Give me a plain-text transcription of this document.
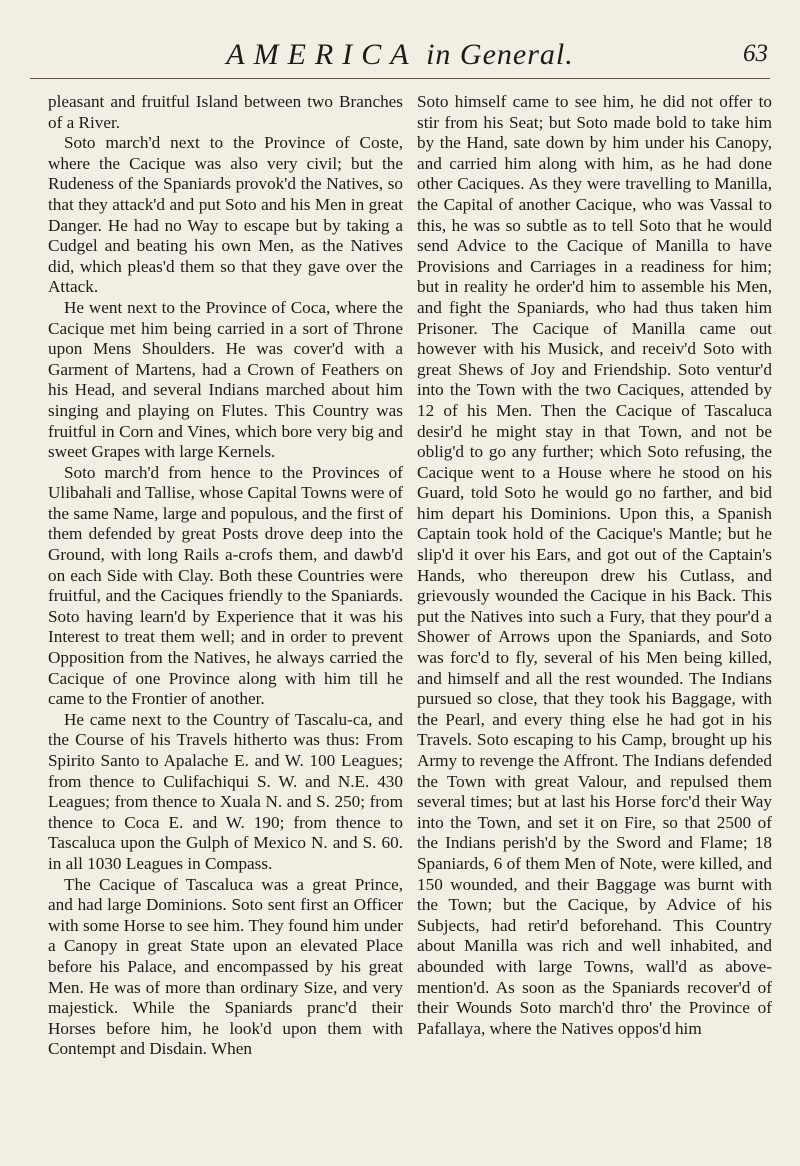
AMERICA in General.	63

pleasant and fruitful Island between two Branches of a River.

Soto march'd next to the Province of Coste, where the Cacique was also very civil; but the Rudeness of the Spaniards provok'd the Natives, so that they attack'd and put Soto and his Men in great Danger. He had no Way to escape but by taking a Cudgel and beating his own Men, as the Natives did, which pleas'd them so that they gave over the Attack.

He went next to the Province of Coca, where the Cacique met him being carried in a sort of Throne upon Mens Shoulders. He was cover'd with a Garment of Martens, had a Crown of Feathers on his Head, and several Indians marched about him singing and playing on Flutes. This Country was fruitful in Corn and Vines, which bore very big and sweet Grapes with large Kernels.

Soto march'd from hence to the Provinces of Ulibahali and Tallise, whose Capital Towns were of the same Name, large and populous, and the first of them defended by great Posts drove deep into the Ground, with long Rails a-crofs them, and dawb'd on each Side with Clay. Both these Countries were fruitful, and the Caciques friendly to the Spaniards. Soto having learn'd by Experience that it was his Interest to treat them well; and in order to prevent Opposition from the Natives, he always carried the Cacique of one Province along with him till he came to the Frontier of another.

He came next to the Country of Tascalu-ca, and the Course of his Travels hitherto was thus: From Spirito Santo to Apalache E. and W. 100 Leagues; from thence to Culifachiqui S. W. and N.E. 430 Leagues; from thence to Xuala N. and S. 250; from thence to Coca E. and W. 190; from thence to Tascaluca upon the Gulph of Mexico N. and S. 60. in all 1030 Leagues in Compass.

The Cacique of Tascaluca was a great Prince, and had large Dominions. Soto sent first an Officer with some Horse to see him. They found him under a Canopy in great State upon an elevated Place before his Palace, and encompassed by his great Men. He was of more than ordinary Size, and very majestick. While the Spaniards pranc'd their Horses before him, he look'd upon them with Contempt and Disdain. When

Soto himself came to see him, he did not offer to stir from his Seat; but Soto made bold to take him by the Hand, sate down by him under his Canopy, and carried him along with him, as he had done other Caciques. As they were travelling to Manilla, the Capital of another Cacique, who was Vassal to this, he was so subtle as to tell Soto that he would send Advice to the Cacique of Manilla to have Provisions and Carriages in a readiness for him; but in reality he order'd him to assemble his Men, and fight the Spaniards, who had thus taken him Prisoner. The Cacique of Manilla came out however with his Musick, and receiv'd Soto with great Shews of Joy and Friendship. Soto ventur'd into the Town with the two Caciques, attended by 12 of his Men. Then the Cacique of Tascaluca desir'd he might stay in that Town, and not be oblig'd to go any further; which Soto refusing, the Cacique went to a House where he stood on his Guard, told Soto he would go no farther, and bid him depart his Dominions. Upon this, a Spanish Captain took hold of the Cacique's Mantle; but he slip'd it over his Ears, and got out of the Captain's Hands, who thereupon drew his Cutlass, and grievously wounded the Cacique in his Back. This put the Natives into such a Fury, that they pour'd a Shower of Arrows upon the Spaniards, and Soto was forc'd to fly, several of his Men being killed, and himself and all the rest wounded. The Indians pursued so close, that they took his Baggage, with the Pearl, and every thing else he had got in his Travels. Soto escaping to his Camp, brought up his Army to revenge the Affront. The Indians defended the Town with great Valour, and repulsed them several times; but at last his Horse forc'd their Way into the Town, and set it on Fire, so that 2500 of the Indians perish'd by the Sword and Flame; 18 Spaniards, 6 of them Men of Note, were killed, and 150 wounded, and their Baggage was burnt with the Town; but the Cacique, by Advice of his Subjects, had retir'd beforehand. This Country about Manilla was rich and well inhabited, and abounded with large Towns, wall'd as above-mention'd. As soon as the Spaniards recover'd of their Wounds Soto march'd thro' the Province of Pafallaya, where the Natives oppos'd him
